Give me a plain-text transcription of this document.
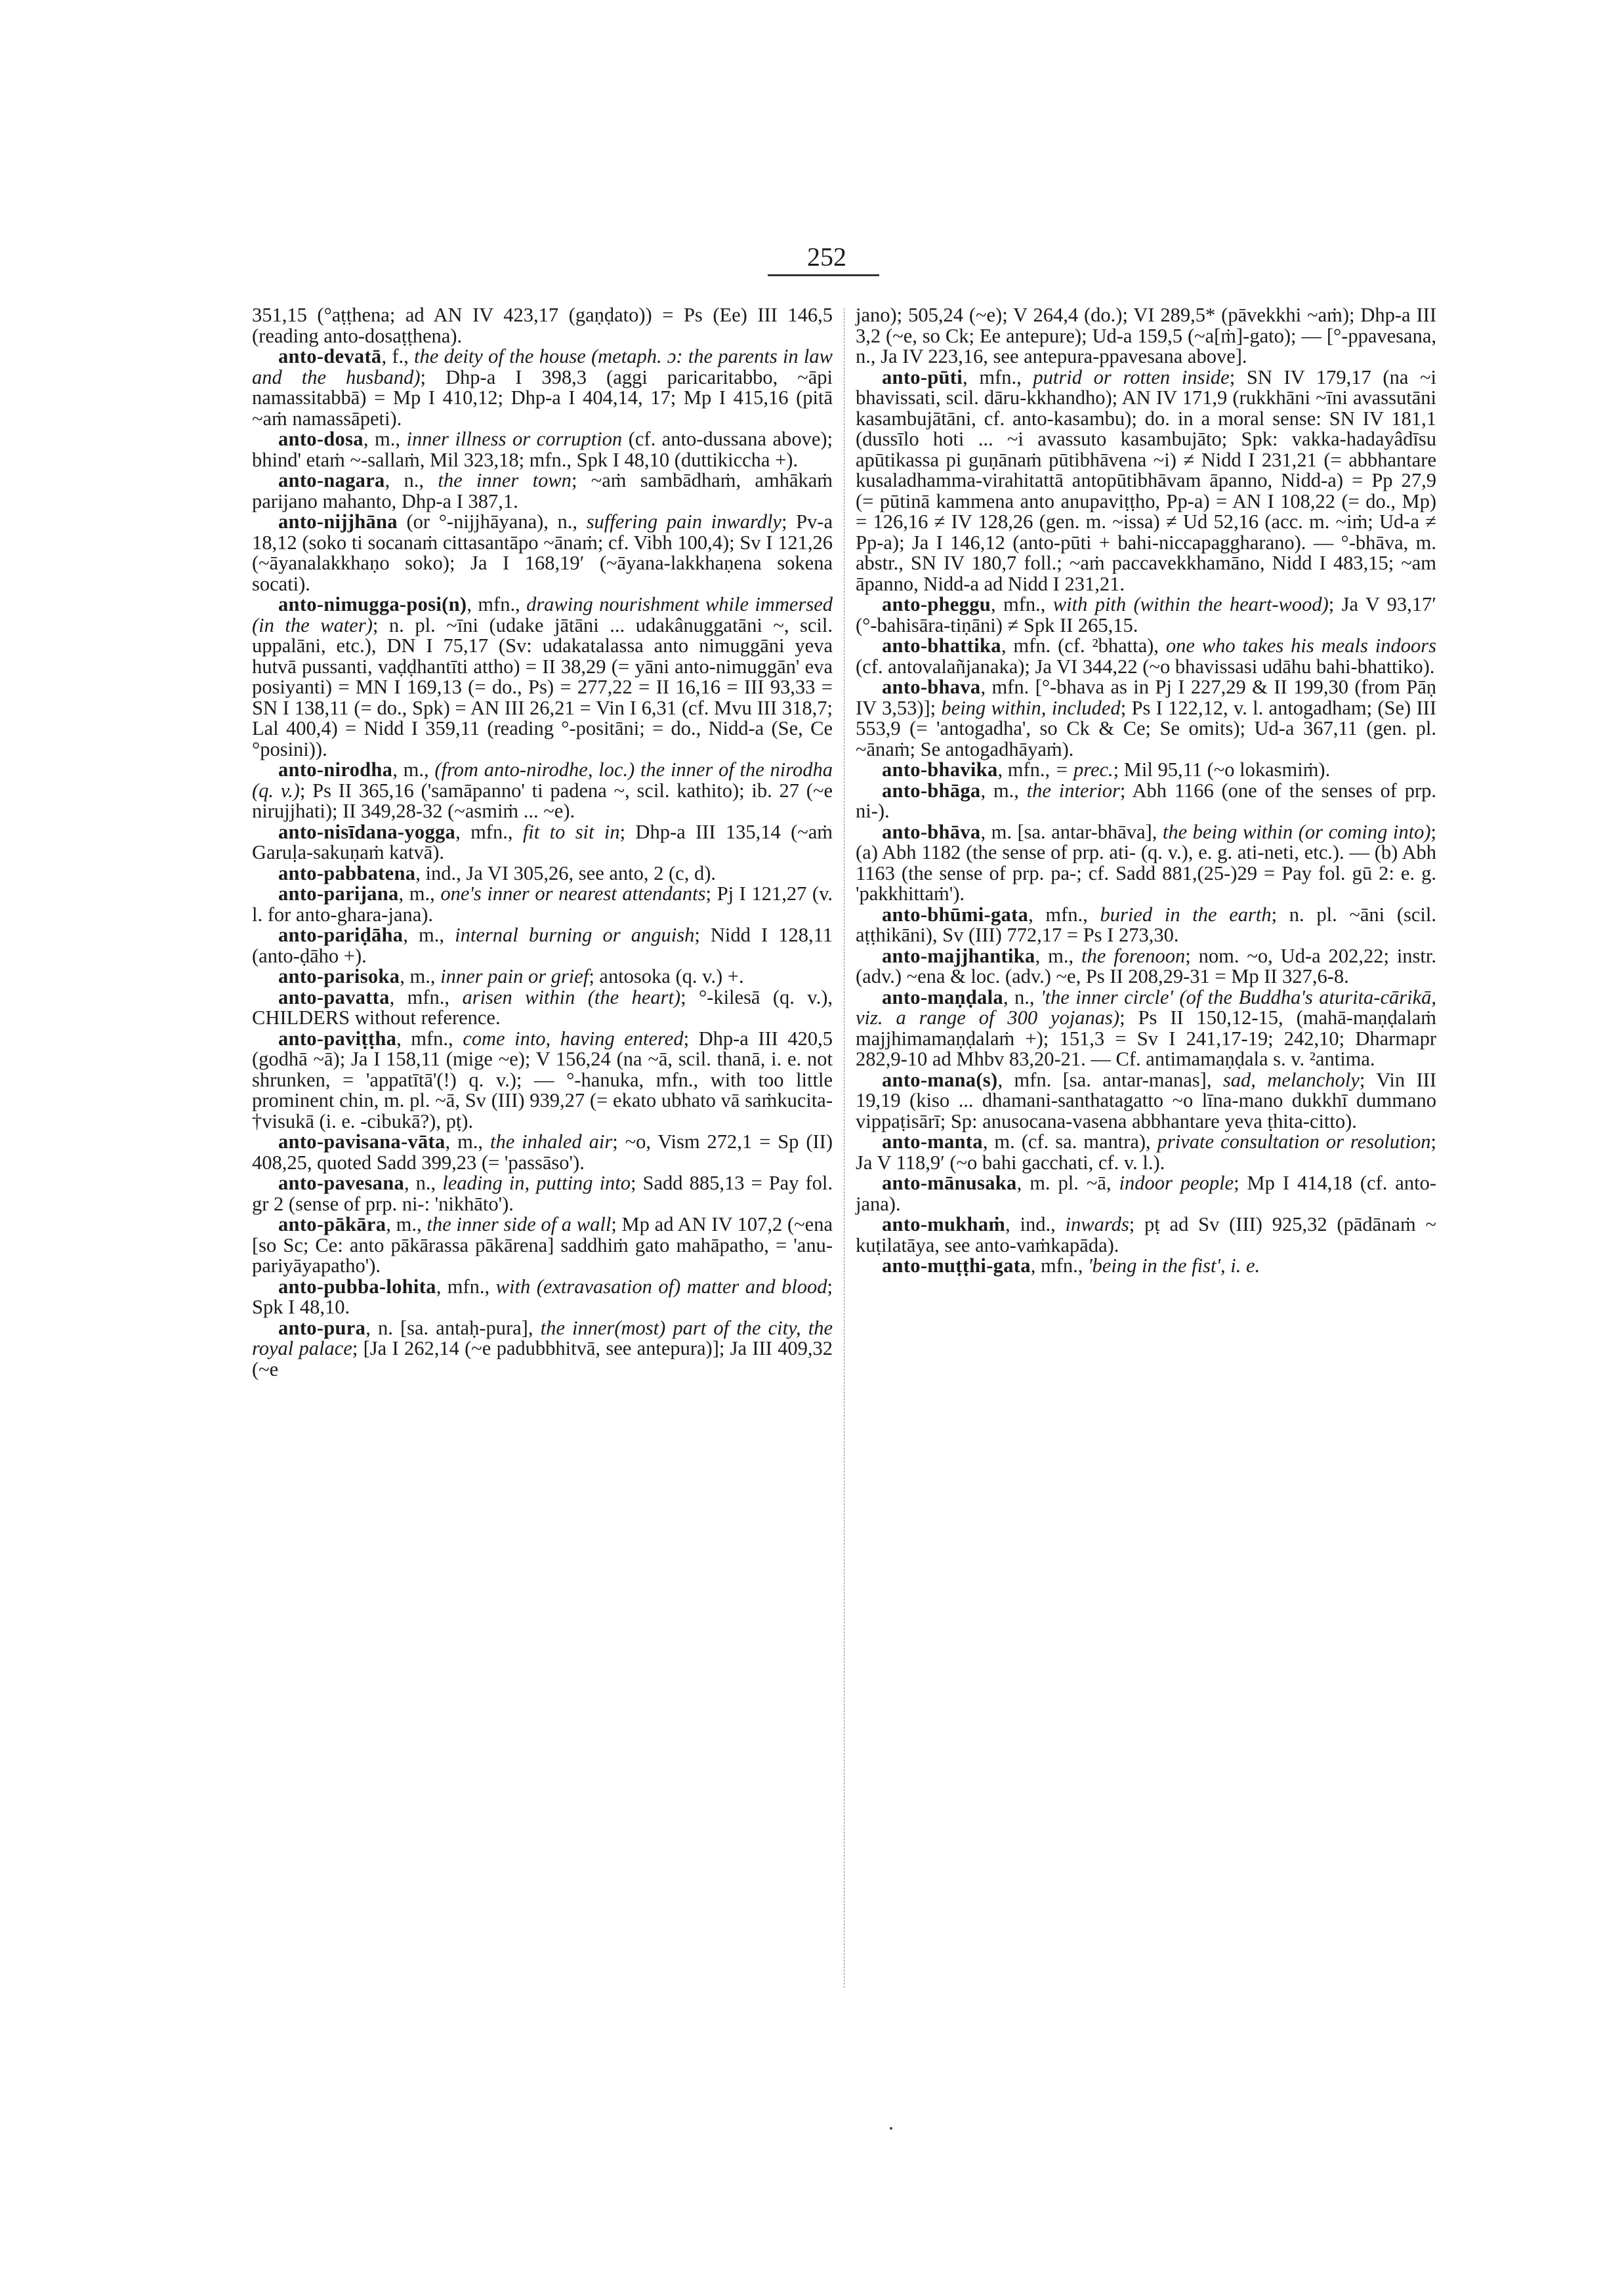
252

351,15 (°aṭṭhena; ad AN IV 423,17 (gaṇḍato)) = Ps (Ee) III 146,5 (reading anto-dosaṭṭhena).

anto-devatā, f., the deity of the house (metaph. ɔ: the parents in law and the husband); Dhp-a I 398,3 (aggi paricaritabbo, ~āpi namassitabbā) = Mp I 410,12; Dhp-a I 404,14, 17; Mp I 415,16 (pitā ~aṁ namassāpeti).

anto-dosa, m., inner illness or corruption (cf. anto-dussana above); bhind' etaṁ ~-sallaṁ, Mil 323,18; mfn., Spk I 48,10 (duttikiccha +).

anto-nagara, n., the inner town; ~aṁ sambādhaṁ, amhākaṁ parijano mahanto, Dhp-a I 387,1.

anto-nijjhāna (or °-nijjhāyana), n., suffering pain inwardly; Pv-a 18,12 (soko ti socanaṁ cittasantāpo ~ānaṁ; cf. Vibh 100,4); Sv I 121,26 (~āyanalakkhaṇo soko); Ja I 168,19′ (~āyana-lakkhaṇena sokena socati).

anto-nimugga-posi(n), mfn., drawing nourishment while immersed (in the water); n. pl. ~īni (udake jātāni ... udakânuggatāni ~, scil. uppalāni, etc.), DN I 75,17 (Sv: udakatalassa anto nimuggāni yeva hutvā pussanti, vaḍḍhantīti attho) = II 38,29 (= yāni anto-nimuggān' eva posiyanti) = MN I 169,13 (= do., Ps) = 277,22 = II 16,16 = III 93,33 = SN I 138,11 (= do., Spk) = AN III 26,21 = Vin I 6,31 (cf. Mvu III 318,7; Lal 400,4) = Nidd I 359,11 (reading °-positāni; = do., Nidd-a (Se, Ce °posini)).

anto-nirodha, m., (from anto-nirodhe, loc.) the inner of the nirodha (q. v.); Ps II 365,16 ('samāpanno' ti padena ~, scil. kathito); ib. 27 (~e nirujjhati); II 349,28-32 (~asmiṁ ... ~e).

anto-nisīdana-yogga, mfn., fit to sit in; Dhp-a III 135,14 (~aṁ Garuḷa-sakuṇaṁ katvā).

anto-pabbatena, ind., Ja VI 305,26, see anto, 2 (c, d).

anto-parijana, m., one's inner or nearest attendants; Pj I 121,27 (v. l. for anto-ghara-jana).

anto-pariḍāha, m., internal burning or anguish; Nidd I 128,11 (anto-ḍāho +).

anto-parisoka, m., inner pain or grief; antosoka (q. v.) +.

anto-pavatta, mfn., arisen within (the heart); °-kilesā (q. v.), CHILDERS without reference.

anto-paviṭṭha, mfn., come into, having entered; Dhp-a III 420,5 (godhā ~ā); Ja I 158,11 (mige ~e); V 156,24 (na ~ā, scil. thanā, i. e. not shrunken, = 'appatītā'(!) q. v.); — °-hanuka, mfn., with too little prominent chin, m. pl. ~ā, Sv (III) 939,27 (= ekato ubhato vā saṁkucita-†visukā (i. e. -cibukā?), pṭ).

anto-pavisana-vāta, m., the inhaled air; ~o, Vism 272,1 = Sp (II) 408,25, quoted Sadd 399,23 (= 'passāso').

anto-pavesana, n., leading in, putting into; Sadd 885,13 = Pay fol. gr 2 (sense of prp. ni-: 'nikhāto').

anto-pākāra, m., the inner side of a wall; Mp ad AN IV 107,2 (~ena [so Sc; Ce: anto pākārassa pākārena] saddhiṁ gato mahāpatho, = 'anu-pariyāyapatho').

anto-pubba-lohita, mfn., with (extravasation of) matter and blood; Spk I 48,10.

anto-pura, n. [sa. antaḥ-pura], the inner(most) part of the city, the royal palace; [Ja I 262,14 (~e padubbhitvā, see antepura)]; Ja III 409,32 (~e

jano); 505,24 (~e); V 264,4 (do.); VI 289,5* (pāvekkhi ~aṁ); Dhp-a III 3,2 (~e, so Ck; Ee antepure); Ud-a 159,5 (~a[ṁ]-gato); — [°-ppavesana, n., Ja IV 223,16, see antepura-ppavesana above].

anto-pūti, mfn., putrid or rotten inside; SN IV 179,17 (na ~i bhavissati, scil. dāru-kkhandho); AN IV 171,9 (rukkhāni ~īni avassutāni kasambujātāni, cf. anto-kasambu); do. in a moral sense: SN IV 181,1 (dussīlo hoti ... ~i avassuto kasambujāto; Spk: vakka-hadayâdīsu apūtikassa pi guṇānaṁ pūtibhāvena ~i) ≠ Nidd I 231,21 (= abbhantare kusaladhamma-virahitattā antopūtibhāvam āpanno, Nidd-a) = Pp 27,9 (= pūtinā kammena anto anupaviṭṭho, Pp-a) = AN I 108,22 (= do., Mp) = 126,16 ≠ IV 128,26 (gen. m. ~issa) ≠ Ud 52,16 (acc. m. ~iṁ; Ud-a ≠ Pp-a); Ja I 146,12 (anto-pūti + bahi-niccapaggharano). — °-bhāva, m. abstr., SN IV 180,7 foll.; ~aṁ paccavekkhamāno, Nidd I 483,15; ~am āpanno, Nidd-a ad Nidd I 231,21.

anto-pheggu, mfn., with pith (within the heart-wood); Ja V 93,17′ (°-bahisāra-tiṇāni) ≠ Spk II 265,15.

anto-bhattika, mfn. (cf. ²bhatta), one who takes his meals indoors (cf. antovalañjanaka); Ja VI 344,22 (~o bhavissasi udāhu bahi-bhattiko).

anto-bhava, mfn. [°-bhava as in Pj I 227,29 & II 199,30 (from Pāṇ IV 3,53)]; being within, included; Ps I 122,12, v. l. antogadham; (Se) III 553,9 (= 'antogadha', so Ck & Ce; Se omits); Ud-a 367,11 (gen. pl. ~ānaṁ; Se antogadhāyaṁ).

anto-bhavika, mfn., = prec.; Mil 95,11 (~o lokasmiṁ).

anto-bhāga, m., the interior; Abh 1166 (one of the senses of prp. ni-).

anto-bhāva, m. [sa. antar-bhāva], the being within (or coming into); (a) Abh 1182 (the sense of prp. ati- (q. v.), e. g. ati-neti, etc.). — (b) Abh 1163 (the sense of prp. pa-; cf. Sadd 881,(25-)29 = Pay fol. gū 2: e. g. 'pakkhittaṁ').

anto-bhūmi-gata, mfn., buried in the earth; n. pl. ~āni (scil. aṭṭhikāni), Sv (III) 772,17 = Ps I 273,30.

anto-majjhantika, m., the forenoon; nom. ~o, Ud-a 202,22; instr. (adv.) ~ena & loc. (adv.) ~e, Ps II 208,29-31 = Mp II 327,6-8.

anto-maṇḍala, n., 'the inner circle' (of the Buddha's aturita-cārikā, viz. a range of 300 yojanas); Ps II 150,12-15, (mahā-maṇḍalaṁ majjhimamaṇḍalaṁ +); 151,3 = Sv I 241,17-19; 242,10; Dharmapr 282,9-10 ad Mhbv 83,20-21. — Cf. antimamaṇḍala s. v. ²antima.

anto-mana(s), mfn. [sa. antar-manas], sad, melancholy; Vin III 19,19 (kiso ... dhamani-santhatagatto ~o līna-mano dukkhī dummano vippaṭisārī; Sp: anusocana-vasena abbhantare yeva ṭhita-citto).

anto-manta, m. (cf. sa. mantra), private consultation or resolution; Ja V 118,9′ (~o bahi gacchati, cf. v. l.).

anto-mānusaka, m. pl. ~ā, indoor people; Mp I 414,18 (cf. anto-jana).

anto-mukhaṁ, ind., inwards; pṭ ad Sv (III) 925,32 (pādānaṁ ~ kuṭilatāya, see anto-vaṁkapāda).

anto-muṭṭhi-gata, mfn., 'being in the fist', i. e.
